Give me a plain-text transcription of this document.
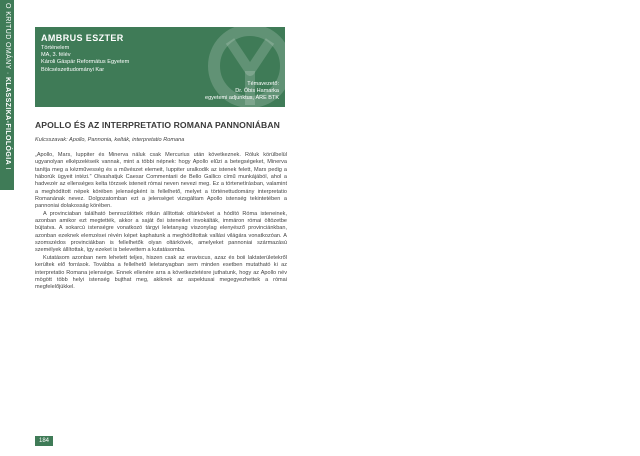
O KRITUD OMÁNY · KLASSZIKA-FILOLÓGIA I
AMBRUS ESZTER
Történelem
MA, 3. félév
Károli Gáspár Református Egyetem
Bölcsészettudományi Kar
Témavezető:
Dr. Óbis Hamarka
egyetemi adjunktus, ÁRE BTK
APOLLO ÉS AZ INTERPRETATIO ROMANA PANNONIÁBAN
Kulcsszavak: Apollo, Pannonia, kelták, interpretatio Romana

„Apollo, Mars, Iuppiter és Minerva náluk csak Mercurius után következnek. Róluk körülbelül ugyanolyan elképzeléseik vannak, mint a többi népnek: hogy Apollo elűzi a betegségeket, Minerva tanítja meg a kézművesség és a művészet elemeit, Iuppiter uralkodik az istenek felett, Mars pedig a háborúk ügyeit intézi.” Olvashatjuk Caesar Commentarii de Bello Gallico című munkájából, ahol a hadvezér az ellenséges kelta törzsek isteneit római neven nevezi meg. Ez a törtenetírásban, valamint a meghódított népek körében jelenségként is fellelhető, melyet a történettudomány interpretatio Romanának nevez. Dolgozatomban ezt a jelenséget vizsgáltam Apollo istenség tekintetében a pannoniai dolakosság körében.

A provinciaban található bennszülöttek ritkán állítottak oltárkövket a hódító Róma isteneinek, azonban amikor ezt megtették, akkor a saját ősi isteneiket invokálták, immáron római öltözetbe bújtatva. A sokarcú istenségre vonatkozó tárgyi leletanyag viszonylag elenyésző provinciánkban, azonban ezeknek elemzései révén képet kaphatunk a meghódítottak vallási világára vonatkozóan. A szomszédos provinciákban is fellelhetők olyan oltárkövek, amelyeket pannoniai származású személyek állítottak, így ezeket is belevettem a kutatásomba.

Kutatásom azonban nem lehetett teljes, hiszen csak az eraviscus, azaz és boii laktaterületekről kerültek elő források. Továbba a fellelhető leletanyagban sem minden esetben mutatható ki az interpretatio Romana jelensége. Ennek ellenére arra a következtetésre juthatunk, hogy az Apollo név mögött több helyi istenség bujthat meg, akiknek az aspektusai megegyezhettek a római megfelelőjükkel.

184
